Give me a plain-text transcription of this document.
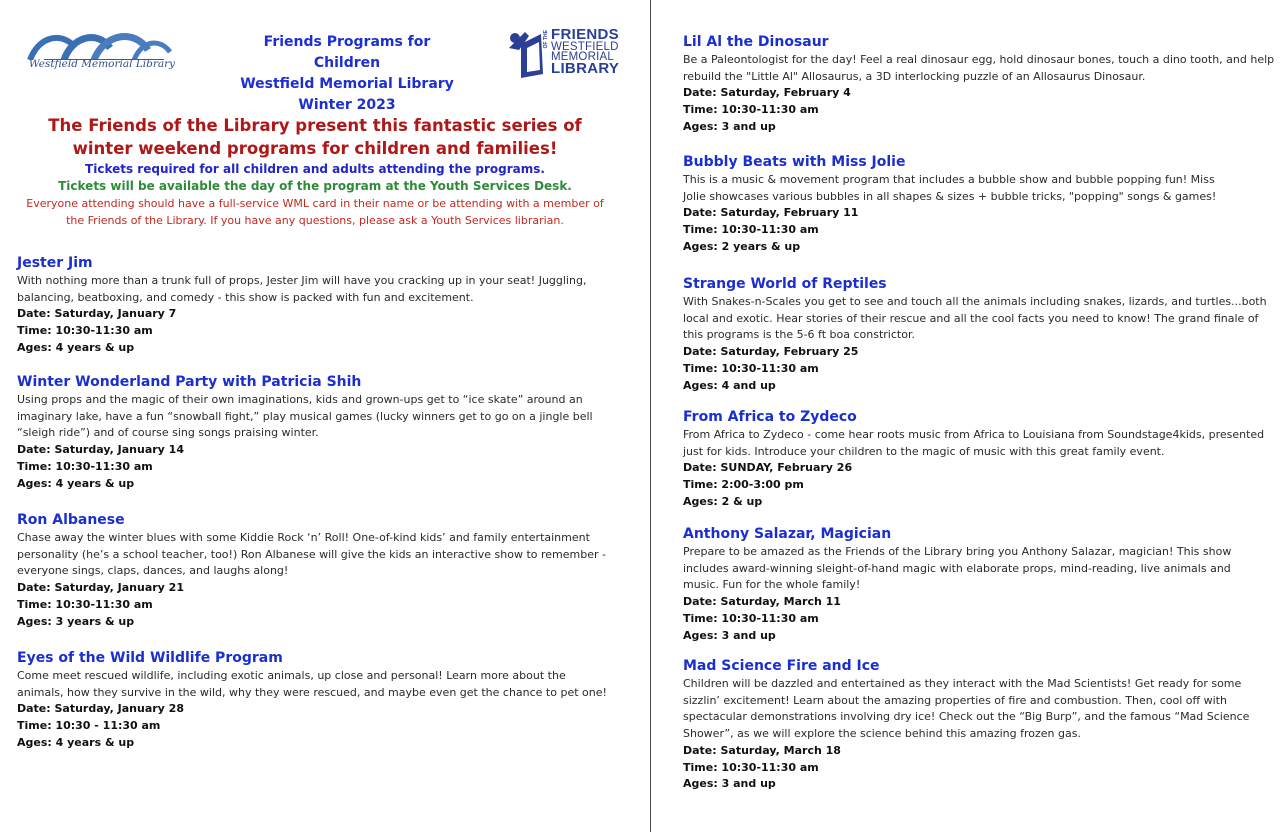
Westfield Memorial Library
Friends Programs for Children
Westfield Memorial Library
Winter 2023
OF THE FRIENDS
WESTFIELD
MEMORIAL
LIBRARY
The Friends of the Library present this fantastic series of winter weekend programs for children and families!
Tickets required for all children and adults attending the programs.
Tickets will be available the day of the program at the Youth Services Desk.
Everyone attending should have a full-service WML card in their name or be attending with a member of the Friends of the Library. If you have any questions, please ask a Youth Services librarian.
Jester Jim
With nothing more than a trunk full of props, Jester Jim will have you cracking up in your seat! Juggling, balancing, beatboxing, and comedy - this show is packed with fun and excitement.
Date: Saturday, January 7
Time: 10:30-11:30 am
Ages: 4 years & up
Winter Wonderland Party with Patricia Shih
Using props and the magic of their own imaginations, kids and grown-ups get to “ice skate” around an imaginary lake, have a fun “snowball fight,” play musical games (lucky winners get to go on a jingle bell “sleigh ride”) and of course sing songs praising winter.
Date: Saturday, January 14
Time: 10:30-11:30 am
Ages: 4 years & up
Ron Albanese
Chase away the winter blues with some Kiddie Rock ‘n’ Roll! One-of-kind kids’ and family entertainment personality (he’s a school teacher, too!) Ron Albanese will give the kids an interactive show to remember - everyone sings, claps, dances, and laughs along!
Date: Saturday, January 21
Time: 10:30-11:30 am
Ages: 3 years & up
Eyes of the Wild Wildlife Program
Come meet rescued wildlife, including exotic animals, up close and personal! Learn more about the animals, how they survive in the wild, why they were rescued, and maybe even get the chance to pet one!
Date: Saturday, January 28
Time: 10:30 - 11:30 am
Ages: 4 years & up
Lil Al the Dinosaur
Be a Paleontologist for the day! Feel a real dinosaur egg, hold dinosaur bones, touch a dino tooth, and help rebuild the "Little Al" Allosaurus, a 3D interlocking puzzle of an Allosaurus Dinosaur.
Date: Saturday, February 4
Time: 10:30-11:30 am
Ages: 3 and up
Bubbly Beats with Miss Jolie
This is a music & movement program that includes a bubble show and bubble popping fun! Miss Jolie showcases various bubbles in all shapes & sizes + bubble tricks, "popping" songs & games!
Date: Saturday, February 11
Time: 10:30-11:30 am
Ages: 2 years & up
Strange World of Reptiles
With Snakes-n-Scales you get to see and touch all the animals including snakes, lizards, and turtles...both local and exotic. Hear stories of their rescue and all the cool facts you need to know! The grand finale of this programs is the 5-6 ft boa constrictor.
Date: Saturday, February 25
Time: 10:30-11:30 am
Ages: 4 and up
From Africa to Zydeco
From Africa to Zydeco - come hear roots music from Africa to Louisiana from Soundstage4kids, presented just for kids. Introduce your children to the magic of music with this great family event.
Date: SUNDAY, February 26
Time: 2:00-3:00 pm
Ages: 2 & up
Anthony Salazar, Magician
Prepare to be amazed as the Friends of the Library bring you Anthony Salazar, magician! This show includes award-winning sleight-of-hand magic with elaborate props, mind-reading, live animals and music. Fun for the whole family!
Date: Saturday, March 11
Time: 10:30-11:30 am
Ages: 3 and up
Mad Science Fire and Ice
Children will be dazzled and entertained as they interact with the Mad Scientists! Get ready for some sizzlin’ excitement! Learn about the amazing properties of fire and combustion. Then, cool off with spectacular demonstrations involving dry ice! Check out the “Big Burp”, and the famous “Mad Science Shower”, as we will explore the science behind this amazing frozen gas.
Date: Saturday, March 18
Time: 10:30-11:30 am
Ages: 3 and up
